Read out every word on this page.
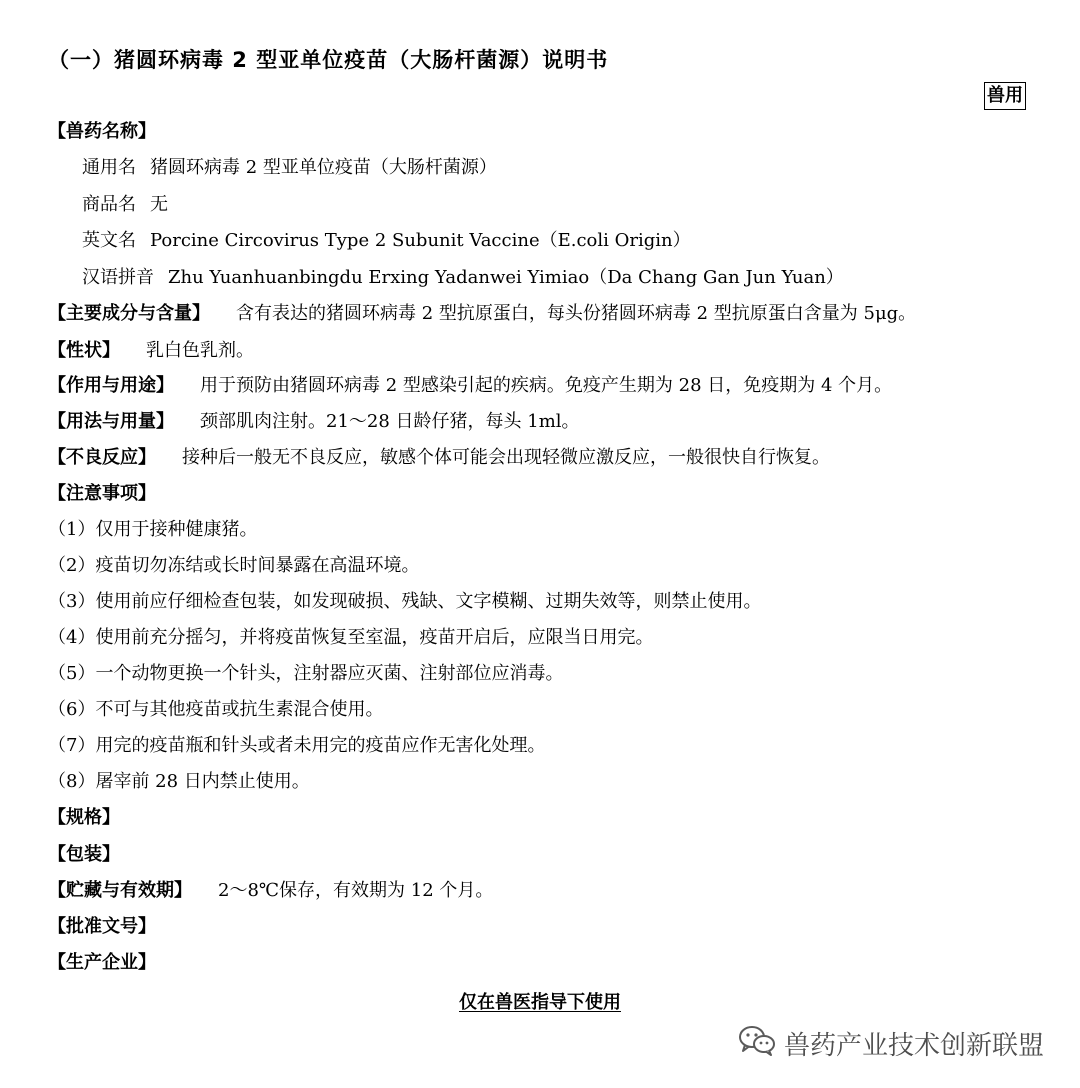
（一）猪圆环病毒 2 型亚单位疫苗（大肠杆菌源）说明书
兽用
【兽药名称】
通用名 猪圆环病毒 2 型亚单位疫苗（大肠杆菌源）
商品名 无
英文名 Porcine Circovirus Type 2 Subunit Vaccine（E.coli Origin）
汉语拼音 Zhu Yuanhuanbingdu Erxing Yadanwei Yimiao（Da Chang Gan Jun Yuan）
【主要成分与含量】 含有表达的猪圆环病毒 2 型抗原蛋白，每头份猪圆环病毒 2 型抗原蛋白含量为 5μg。
【性状】 乳白色乳剂。
【作用与用途】 用于预防由猪圆环病毒 2 型感染引起的疾病。免疫产生期为 28 日，免疫期为 4 个月。
【用法与用量】 颈部肌肉注射。21～28 日龄仔猪，每头 1ml。
【不良反应】 接种后一般无不良反应，敏感个体可能会出现轻微应激反应，一般很快自行恢复。
【注意事项】
（1）仅用于接种健康猪。
（2）疫苗切勿冻结或长时间暴露在高温环境。
（3）使用前应仔细检查包装，如发现破损、残缺、文字模糊、过期失效等，则禁止使用。
（4）使用前充分摇匀，并将疫苗恢复至室温，疫苗开启后，应限当日用完。
（5）一个动物更换一个针头，注射器应灭菌、注射部位应消毒。
（6）不可与其他疫苗或抗生素混合使用。
（7）用完的疫苗瓶和针头或者未用完的疫苗应作无害化处理。
（8）屠宰前 28 日内禁止使用。
【规格】
【包装】
【贮藏与有效期】 2～8℃保存，有效期为 12 个月。
【批准文号】
【生产企业】
仅在兽医指导下使用
兽药产业技术创新联盟
